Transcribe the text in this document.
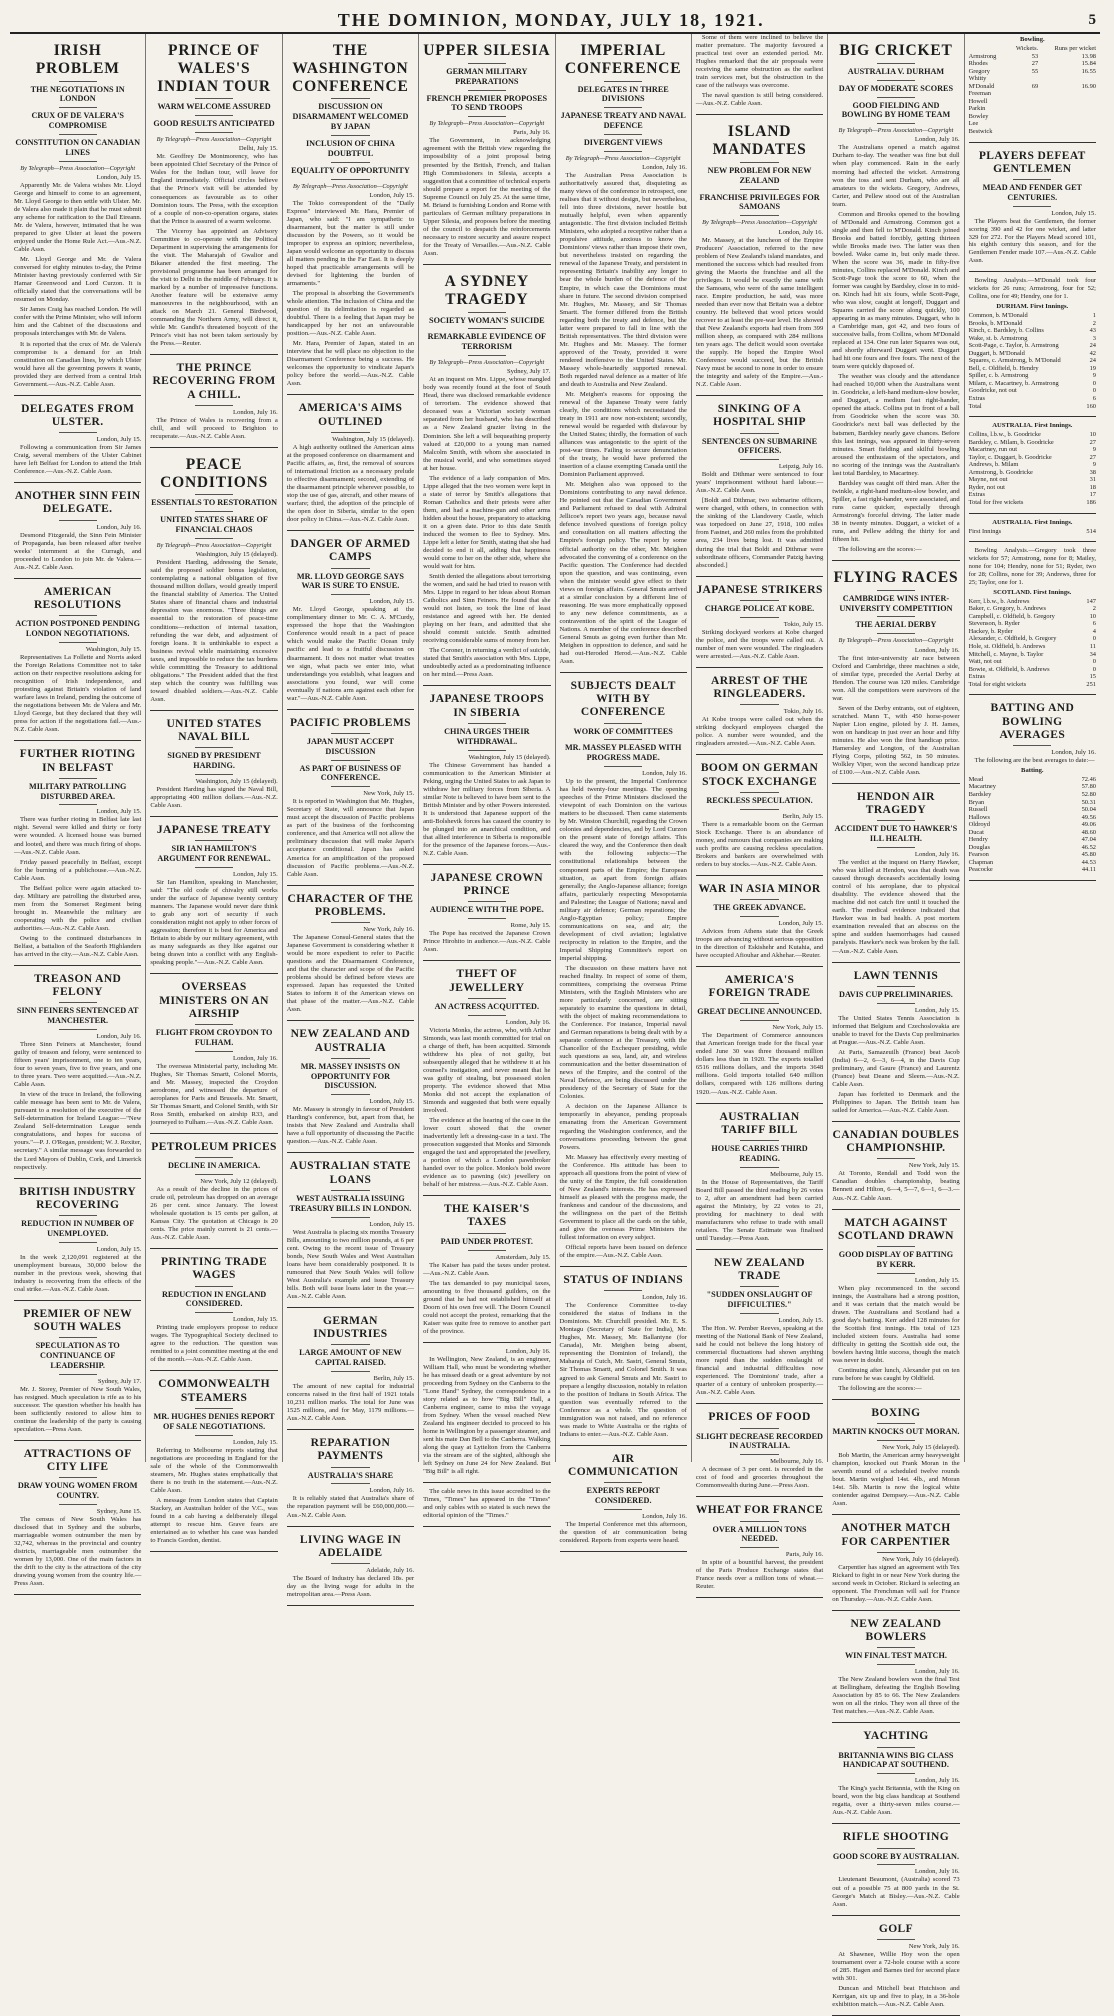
THE DOMINION, MONDAY, JULY 18, 1921.	5
IRISH PROBLEM
THE NEGOTIATIONS IN LONDON
CRUX OF DE VALERA'S COMPROMISE
CONSTITUTION ON CANADIAN LINES
By Telegraph—Press Association—Copyright
London, July 15.

Apparently Mr. de Valera wishes Mr. Lloyd George and himself to come to an agreement, Mr. Lloyd George to then settle with Ulster. Mr. de Valera also made it plain that he must submit any scheme for ratification to the Dail Eireann. Mr. de Valera, however, intimated that he was prepared to give Ulster at least the powers enjoyed under the Home Rule Act.—Aus.-N.Z. Cable Assn.

Mr. Lloyd George and Mr. de Valera conversed for eighty minutes to-day, the Prime Minister having previously conferred with Sir Hamar Greenwood and Lord Curzon. It is officially stated that the conversations will be resumed on Monday.

Sir James Craig has reached London. He will confer with the Prime Minister, who will inform him and the Cabinet of the discussions and proposals interchanges with Mr. de Valera.

It is reported that the crux of Mr. de Valera's compromise is a demand for an Irish constitution on Canadian lines, by which Ulster would have all the governing powers it wants, provided they are derived from a central Irish Government.—Aus.-N.Z. Cable Assn.

DELEGATES FROM ULSTER.
London, July 15.

Following a communication from Sir James Craig, several members of the Ulster Cabinet have left Belfast for London to attend the Irish Conference.—Aus.-N.Z. Cable Assn.

ANOTHER SINN FEIN DELEGATE.
London, July 16.

Desmond Fitzgerald, the Sinn Fein Minister of Propaganda, has been released after twelve weeks' internment at the Curragh, and proceeded to London to join Mr. de Valera.—Aus.-N.Z. Cable Assn.

AMERICAN RESOLUTIONS
ACTION POSTPONED PENDING LONDON NEGOTIATIONS.
Washington, July 15.

Representatives La Follette and Norris asked the Foreign Relations Committee not to take action on their respective resolutions asking for recognition of Irish independence, and protesting against Britain's violation of land warfare laws in Ireland, pending the outcome of the negotiations between Mr. de Valera and Mr. Lloyd George, but they declared that they will press for action if the negotiations fail.—Aus.-N.Z. Cable Assn.

FURTHER RIOTING IN BELFAST
MILITARY PATROLLING DISTURBED AREA.
London, July 15.

There was further rioting in Belfast late last night. Several were killed and thirty or forty were wounded. A licensed house was burned and looted, and there was much firing of shops.—Aus.-N.Z. Cable Assn.

Friday passed peacefully in Belfast, except for the burning of a publichouse.—Aus.-N.Z. Cable Assn.

The Belfast police were again attacked to-day. Military are patrolling the disturbed area, men from the Somerset Regiment being brought in. Meanwhile the military are cooperating with the police and civilian authorities.—Aus.-N.Z. Cable Assn.

Owing to the continued disturbances in Belfast, a battalion of the Seaforth Highlanders has arrived in the city.—Aus.-N.Z. Cable Assn.

TREASON AND FELONY
SINN FEINERS SENTENCED AT MANCHESTER.
London, July 16.

Three Sinn Feiners at Manchester, found guilty of treason and felony, were sentenced to fifteen years' imprisonment, one to ten years, four to seven years, five to five years, and one to three years. Two were acquitted.—Aus.-N.Z. Cable Assn.

In view of the truce in Ireland, the following cable message has been sent to Mr. de Valera, pursuant to a resolution of the executive of the Self-determination for Ireland League:—"New Zealand Self-determination League sends congratulations, and hopes for success of yours."—P. J. O'Regan, president; W. J. Rexiter, secretary." A similar message was forwarded to the Lord Mayors of Dublin, Cork, and Limerick respectively.

BRITISH INDUSTRY RECOVERING
REDUCTION IN NUMBER OF UNEMPLOYED.
London, July 15.

In the week 2,120,091 registered at the unemployment bureaus, 30,000 below the number in the previous week, showing that industry is recovering from the effects of the coal strike.—Aus.-N.Z. Cable Assn.

PREMIER OF NEW SOUTH WALES
SPECULATION AS TO CONTINUANCE OF LEADERSHIP.
Sydney, July 17.

Mr. J. Storey, Premier of New South Wales, has resigned. Much speculation is rife as to his successor. The question whether his health has been sufficiently restored to allow him to continue the leadership of the party is causing speculation.—Press Assn.

ATTRACTIONS OF CITY LIFE
DRAW YOUNG WOMEN FROM COUNTRY.
Sydney, June 15.

The census of New South Wales has disclosed that in Sydney and the suburbs, marriageable women outnumber the men by 32,742, whereas in the provincial and country districts, marriageable men outnumber the women by 13,000. One of the main factors in the drift to the city is the attractions of the city drawing young women from the country life.—Press Assn.

PRINCE OF WALES'S INDIAN TOUR
WARM WELCOME ASSURED
GOOD RESULTS ANTICIPATED
By Telegraph—Press Association—Copyright
Delhi, July 15.

Mr. Geoffrey De Montmorency, who has been appointed Chief Secretary of the Prince of Wales for the Indian tour, will leave for England immediately. Official circles believe that the Prince's visit will be attended by consequences as favourable as to other Dominion tours. The Press, with the exception of a couple of non-co-operation organs, states that the Prince is assured of a warm welcome.

The Viceroy has appointed an Advisory Committee to co-operate with the Political Department in supervising the arrangements for the visit. The Maharajah of Gwalior and Bikaner attended the first meeting. The provisional programme has been arranged for the visit to Delhi in the middle of February. It is marked by a number of impressive functions. Another feature will be extensive army manoeuvres in the neighbourhood, with an attack on March 21. General Birdwood, commanding the Northern Army, will direct it, while Mr. Gandhi's threatened boycott of the Prince's visit has not been taken seriously by the Press.—Reuter.

THE PRINCE RECOVERING FROM A CHILL.
London, July 16.

The Prince of Wales is recovering from a chill, and will proceed to Brighton to recuperate.—Aus.-N.Z. Cable Assn.

PEACE CONDITIONS
ESSENTIALS TO RESTORATION
UNITED STATES SHARE OF FINANCIAL CHAOS
By Telegraph—Press Association—Copyright
Washington, July 15 (delayed).

President Harding, addressing the Senate, said the proposed soldier bonus legislation, contemplating a national obligation of five thousand million dollars, would greatly imperil the financial stability of America. The United States share of financial chaos and industrial depression was enormous. "Three things are essential to the restoration of peace-time conditions—reduction of internal taxation, refunding the war debt, and adjustment of foreign loans. It is unthinkable to expect a business revival while maintaining excessive taxes, and impossible to reduce the tax burdens while committing the Treasury to additional obligations." The President added that the first step which the country was fulfilling was toward disabled soldiers.—Aus.-N.Z. Cable Assn.

UNITED STATES NAVAL BILL
SIGNED BY PRESIDENT HARDING.
Washington, July 15 (delayed).

President Harding has signed the Naval Bill, appropriating 400 million dollars.—Aus.-N.Z. Cable Assn.

JAPANESE TREATY
SIR IAN HAMILTON'S ARGUMENT FOR RENEWAL.
London, July 15.

Sir Ian Hamilton, speaking in Manchester, said: "The old code of chivalry still works under the surface of Japanese twenty century manners. The Japanese would never dare think to grab any sort of security if such consideration might not apply to other forces of aggression; therefore it is best for America and Britain to abide by our military agreement, with as many safeguards as they like against our being drawn into a conflict with any English-speaking people."—Aus.-N.Z. Cable Assn.

OVERSEAS MINISTERS ON AN AIRSHIP
FLIGHT FROM CROYDON TO FULHAM.
London, July 16.

The overseas Ministerial party, including Mr. Hughes, Sir Thomas Smartt, Colonel Morris, and Mr. Massey, inspected the Croydon aerodrome, and witnessed the departure of aeroplanes for Paris and Brussels. Mr. Smartt, Sir Thomas Smartt, and Colonel Smith, with Sir Ross Smith, embarked on airship R33, and journeyed to Fulham.—Aus.-N.Z. Cable Assn.

PETROLEUM PRICES
DECLINE IN AMERICA.
New York, July 12 (delayed).

As a result of the decline in the prices of crude oil, petroleum has dropped on an average 26 per cent. since January. The lowest wholesale quotation is 15 cents per gallon, at Kansas City. The quotation at Chicago is 20 cents. The price mainly current is 21 cents.—Aus.-N.Z. Cable Assn.

PRINTING TRADE WAGES
REDUCTION IN ENGLAND CONSIDERED.
London, July 15.

Printing trade employers propose to reduce wages. The Typographical Society declined to agree to the reduction. The question was remitted to a joint committee meeting at the end of the month.—Aus.-N.Z. Cable Assn.

COMMONWEALTH STEAMERS
MR. HUGHES DENIES REPORT OF SALE NEGOTIATIONS.
London, July 15.

Referring to Melbourne reports stating that negotiations are proceeding in England for the sale of the whole of the Commonwealth steamers, Mr. Hughes states emphatically that there is no truth in the statement.—Aus.-N.Z. Cable Assn.

A message from London states that Captain Stackey, an Australian holder of the V.C., was found in a cab having a deliberately illegal attempt to rescue him. Grave fears are entertained as to whether his case was handed to Francis Gordon, dentist.

THE WASHINGTON CONFERENCE
DISCUSSION ON DISARMAMENT WELCOMED BY JAPAN
INCLUSION OF CHINA DOUBTFUL
EQUALITY OF OPPORTUNITY
By Telegraph—Press Association—Copyright
London, July 15.

The Tokio correspondent of the "Daily Express" interviewed Mr. Hara, Premier of Japan, who said: "I am sympathetic to disarmament, but the matter is still under discussion by the Powers, so it would be improper to express an opinion; nevertheless, Japan would welcome an opportunity to discuss all matters pending in the Far East. It is deeply hoped that practicable arrangements will be devised for lightening the burden of armaments."

The proposal is absorbing the Government's whole attention. The inclusion of China and the question of its delimitation is regarded as doubtful. There is a feeling that Japan may be handicapped by her not an unfavourable position.—Aus.-N.Z. Cable Assn.

Mr. Hara, Premier of Japan, stated in an interview that he will place no objection to the Disarmament Conference being a success. He welcomes the opportunity to vindicate Japan's policy before the world.—Aus.-N.Z. Cable Assn.

AMERICA'S AIMS OUTLINED
Washington, July 15 (delayed).

A high authority outlined the American aims at the proposed conference on disarmament and Pacific affairs, as, first, the removal of sources of international friction as a necessary prelude to effective disarmament; second, extending of the disarmament principle wherever possible, to stop the use of gas, aircraft, and other means of warfare; third, the adoption of the principle of the open door in Siberia, similar to the open door policy in China.—Aus.-N.Z. Cable Assn.

DANGER OF ARMED CAMPS
MR. LLOYD GEORGE SAYS WAR IS SURE TO ENSUE.
London, July 15.

Mr. Lloyd George, speaking at the complimentary dinner to Mr. C. A. M'Curdy, expressed the hope that the Washington Conference would result in a pact of peace which would make the Pacific Ocean truly pacific and lead to a fruitful discussion on disarmament. It does not matter what treaties we sign, what pacts we enter into, what understandings you establish, what leagues and associations you found, war will come eventually if nations arm against each other for war."—Aus.-N.Z. Cable Assn.

PACIFIC PROBLEMS
JAPAN MUST ACCEPT DISCUSSION
AS PART OF BUSINESS OF CONFERENCE.
New York, July 15.

It is reported in Washington that Mr. Hughes, Secretary of State, will announce that Japan must accept the discussion of Pacific problems as part of the business of the forthcoming conference, and that America will not allow the preliminary discussion that will make Japan's acceptance conditional. Japan has asked America for an amplification of the proposed discussion of Pacific problems.—Aus.-N.Z. Cable Assn.

CHARACTER OF THE PROBLEMS.
New York, July 16.

The Japanese Consul-General states that the Japanese Government is considering whether it would be more expedient to refer to Pacific questions and the Disarmament Conference, and that the character and scope of the Pacific problems should be defined before views are expressed. Japan has requested the United States to inform it of the American views on that phase of the matter.—Aus.-N.Z. Cable Assn.

NEW ZEALAND AND AUSTRALIA
MR. MASSEY INSISTS ON OPPORTUNITY FOR DISCUSSION.
London, July 15.

Mr. Massey is strongly in favour of President Harding's conference, but, apart from that, he insists that New Zealand and Australia shall have a full opportunity of discussing the Pacific question.—Aus.-N.Z. Cable Assn.

AUSTRALIAN STATE LOANS
WEST AUSTRALIA ISSUING TREASURY BILLS IN LONDON.
London, July 15.

West Australia is placing six months Treasury Bills, amounting to two million pounds, at 6 per cent. Owing to the recent issue of Treasury bonds, New South Wales and West Australian loans have been considerably postponed. It is rumoured that New South Wales will follow West Australia's example and issue Treasury bills. Both will issue loans later in the year.—Aus.-N.Z. Cable Assn.

GERMAN INDUSTRIES
LARGE AMOUNT OF NEW CAPITAL RAISED.
Berlin, July 15.

The amount of new capital for industrial concerns raised in the first half of 1921 totals 10,231 million marks. The total for June was 1525 millions, and for May, 1179 millions.—Aus.-N.Z. Cable Assn.

REPARATION PAYMENTS
AUSTRALIA'S SHARE
London, July 16.

It is reliably stated that Australia's share of the reparation payment will be £60,000,000.—Aus.-N.Z. Cable Assn.

LIVING WAGE IN ADELAIDE
Adelaide, July 16.

The Board of Industry has declared 18s. per day as the living wage for adults in the metropolitan area.—Press Assn.

UPPER SILESIA
GERMAN MILITARY PREPARATIONS
FRENCH PREMIER PROPOSES TO SEND TROOPS
By Telegraph—Press Association—Copyright
Paris, July 16.

The Government, in acknowledging agreement with the British view regarding the impossibility of a joint proposal being presented by the British, French, and Italian High Commissioners in Silesia, accepts a suggestion that a committee of technical experts should prepare a report for the meeting of the Supreme Council on July 25. At the same time, M. Briand is furnishing London and Rome with particulars of German military preparations in Upper Silesia, and proposes before the meeting of the council to despatch the reinforcements necessary to restore security and assure respect for the Treaty of Versailles.—Aus.-N.Z. Cable Assn.

A SYDNEY TRAGEDY
SOCIETY WOMAN'S SUICIDE
REMARKABLE EVIDENCE OF TERRORISM
By Telegraph—Press Association—Copyright
Sydney, July 17.

At an inquest on Mrs. Lippe, whose mangled body was recently found at the foot of South Head, there was disclosed remarkable evidence of terrorism. The evidence showed that deceased was a Victorian society woman separated from her husband, who has described as a New Zealand grazier living in the Dominion. She left a will bequeathing property valued at £20,000 to a young man named Malcolm Smith, with whom she associated in the musical world, and who sometimes stayed at her house.

The evidence of a lady companion of Mrs. Lippe alleged that the two women were kept in a state of terror by Smith's allegations that Roman Catholics and their priests were after them, and had a machine-gun and other arms hidden about the house, preparatory to attacking it on a given date. Prior to this date Smith induced the women to flee to Sydney. Mrs. Lippe left a letter for Smith, stating that she had decided to end it all, adding that happiness would come to her on the other side, where she would wait for him.

Smith denied the allegations about terrorising the women, and said he had tried to reason with Mrs. Lippe in regard to her ideas about Roman Catholics and Sinn Feiners. He found that she would not listen, so took the line of least resistance and agreed with her. He denied playing on her fears, and admitted that she should commit suicide. Smith admitted receiving considerable sums of money from her.

The Coroner, in returning a verdict of suicide, stated that Smith's association with Mrs. Lippe, undoubtedly acted as a predominating influence on her mind.—Press Assn.

JAPANESE TROOPS IN SIBERIA
CHINA URGES THEIR WITHDRAWAL.
Washington, July 15 (delayed).

The Chinese Government has handed a communication to the American Minister at Peking, urging the United States to ask Japan to withdraw her military forces from Siberia. A similar Note is believed to have been sent to the British Minister and by other Powers interested. It is understood that Japanese support of the anti-Bolshevik forces has caused the country to be plunged into an anarchical condition, and that allied interference in Siberia is responsible for the presence of the Japanese forces.—Aus.-N.Z. Cable Assn.

JAPANESE CROWN PRINCE
AUDIENCE WITH THE POPE.
Rome, July 15.

The Pope has received the Japanese Crown Prince Hirohito in audience.—Aus.-N.Z. Cable Assn.

THEFT OF JEWELLERY
AN ACTRESS ACQUITTED.
London, July 16.

Victoria Monks, the actress, who, with Arthur Simonds, was last month committed for trial on a charge of theft, has been acquitted. Simonds withdrew his plea of not guilty, but subsequently alleged that he withdrew it at his counsel's instigation, and never meant that he was guilty of stealing, but possessed stolen property. The evidence showed that Miss Monks did not accept the explanation of Simonds and suggested that both were equally involved.

The evidence at the hearing of the case in the lower court showed that the owner inadvertently left a dressing-case in a taxi. The prosecution suggested that Monks and Simonds engaged the taxi and appropriated the jewellery, a portion of which a London pawnbroker handed over to the police. Monks's bold swore evidence as to pawning (sic) jewellery on behalf of her mistress.—Aus.-N.Z. Cable Assn.

THE KAISER'S TAXES
PAID UNDER PROTEST.
Amsterdam, July 15.

The Kaiser has paid the taxes under protest.—Aus.-N.Z. Cable Assn.

The tax demanded to pay municipal taxes, amounting to five thousand guilders, on the ground that he had not established himself at Doorn of his own free will. The Doorn Council could not accept the protest, remarking that the Kaiser was quite free to remove to another part of the province.

London, July 16.

In Wellington, New Zealand, is an engineer, William Hall, who must be wondering whether he has missed death or a great adventure by not proceeding from Sydney on the Canberra to the "Lone Hand" Sydney, the correspondence in a story related as to how "Big Bill" Hall, a Canberra engineer, came to miss the voyage from Sydney. When the vessel reached New Zealand his engineer decided to proceed to his home in Wellington by a passenger steamer, and sent his mate Dan Bell to the Canberra. Walking along the quay at Lyttelton from the Canberra via the stream are of the sighted, although she left Sydney on June 24 for New Zealand. But "Big Bill" is all right.

The cable news in this issue accredited to the Times, "Times" has appeared in the "Times" and only cables with so stated is such news the editorial opinion of the "Times."

IMPERIAL CONFERENCE
DELEGATES IN THREE DIVISIONS
JAPANESE TREATY AND NAVAL DEFENCE
DIVERGENT VIEWS
By Telegraph—Press Association—Copyright
London, July 16.

The Australian Press Association is authoritatively assured that, disquieting as many views of the conference in retrospect, one realises that it without design, but nevertheless, fell into three divisions, never hostile but mutually helpful, even when apparently antagonistic. The first division included British Ministers, who adopted a receptive rather than a propulsive attitude, anxious to know the Dominions' views rather than impose their own, but nevertheless insisted on regarding the renewal of the Japanese Treaty, and persistent in representing Britain's inability any longer to bear the whole burden of the defence of the Empire, in which case the Dominions must share in future. The second division comprised Mr. Hughes, Mr. Massey, and Sir Thomas Smartt. The former differed from the British regarding both the treaty and defence, but the latter were prepared to fall in line with the British representatives. The third division were Mr. Hughes and Mr. Massey. The former approved of the Treaty, provided it were rendered inoffensive to the United States. Mr. Massey whole-heartedly supported renewal. Both regarded naval defence as a matter of life and death to Australia and New Zealand.

Mr. Meighen's reasons for opposing the renewal of the Japanese Treaty were fairly clearly, the conditions which necessitated the treaty in 1911 are now non-existent; secondly, renewal would be regarded with disfavour by the United States; thirdly, the formation of such alliances was antagonistic to the spirit of the post-war times. Failing to secure denunciation of the treaty, he would have preferred the insertion of a clause exempting Canada until the Dominion Parliament approved.

Mr. Meighen also was opposed to the Dominions contributing to any naval defence. He pointed out that the Canadian Government and Parliament refused to deal with Admiral Jellicoe's report two years ago, because naval defence involved questions of foreign policy and consultation on all matters affecting the Empire's foreign policy. The report by some official authority on the other, Mr. Meighen advocated the convening of a conference on the Pacific question. The Conference had decided upon the question, and was continuing, even when the minister would give effect to their views on foreign affairs. General Smuts arrived at a similar conclusion by a different line of reasoning. He was more emphatically opposed to any new defence commitments, as a contravention of the spirit of the League of Nations. A member of the conference described General Smuts as going even further than Mr. Meighen in opposition to defence, and said he had out-Heroded Herod.—Aus.-N.Z. Cable Assn.

SUBJECTS DEALT WITH BY CONFERENCE
WORK OF COMMITTEES
MR. MASSEY PLEASED WITH PROGRESS MADE.
London, July 16.

Up to the present, the Imperial Conference has held twenty-four meetings. The opening speeches of the Prime Ministers disclosed the viewpoint of each Dominion on the various matters to be discussed. Then came statements by Mr. Winston Churchill, regarding the Crown colonies and dependencies, and by Lord Curzon on the present state of foreign affairs. This cleared the way, and the Conference then dealt with the following subjects:—The constitutional relationships between the component parts of the Empire; the European situation, as apart from foreign affairs generally; the Anglo-Japanese alliance; foreign affairs, particularly respecting Mesopotamia and Palestine; the League of Nations; naval and military air defence; German reparations; the Anglo-Egyptian policy; Empire communications on sea, and air; the development of civil aviation; legislative reciprocity in relation to the Empire, and the Imperial Shipping Committee's report on imperial shipping.

The discussion on these matters have not reached finality. In respect of some of them, committees, comprising the overseas Prime Ministers, with the English Ministers who are more particularly concerned, are sitting separately to examine the questions in detail, with the object of making recommendations to the Conference. For instance, Imperial naval and German reparations is being dealt with by a separate conference at the Treasury, with the Chancellor of the Exchequer presiding, while such questions as sea, land, air, and wireless communication and the better dissemination of news of the Empire, and the control of the Naval Defence, are being discussed under the presidency of the Secretary of State for the Colonies.

A decision on the Japanese Alliance is temporarily in abeyance, pending proposals emanating from the American Government regarding the Washington conference, and the conversations proceeding between the great Powers.

Mr. Massey has effectively every meeting of the Conference. His attitude has been to approach all questions from the point of view of the unity of the Empire, the full consideration of New Zealand's interests. He has expressed himself as pleased with the progress made, the frankness and candour of the discussions, and the willingness on the part of the British Government to place all the cards on the table, and give the overseas Prime Ministers the fullest information on every subject.

Official reports have been issued on defence of the empire.—Aus.-N.Z. Cable Assn.

STATUS OF INDIANS
London, July 16.

The Conference Committee to-day considered the status of Indians in the Dominions. Mr. Churchill presided. Mr. E. S. Montagu (Secretary of State for India), Mr. Hughes, Mr. Massey, Mr. Ballantyne (for Canada), Mr. Meighen being absent, representing the Dominion of Ireland), the Maharaja of Cutch, Mr. Sastri, General Smuts, Sir Thomas Smartt, and Colonel Smith. It was agreed to ask General Smuts and Mr. Sastri to prepare a lengthy discussion, notably in relation to the position of Indians in South Africa. The question was eventually referred to the Conference as a whole. The question of immigration was not raised, and no reference was made to White Australia or the rights of Indians to enter.—Aus.-N.Z. Cable Assn.

AIR COMMUNICATION
EXPERTS REPORT CONSIDERED.
London, July 16.

The Imperial Conference met this afternoon, the question of air communication being considered. Reports from experts were heard.

Some of them were inclined to believe the matter premature. The majority favoured a practical test over an extended period. Mr. Hughes remarked that the air proposals were receiving the same obstruction as the earliest train services met, but the obstruction in the case of the railways was overcome.

The naval question is still being considered.—Aus.-N.Z. Cable Assn.

ISLAND MANDATES
NEW PROBLEM FOR NEW ZEALAND
FRANCHISE PRIVILEGES FOR SAMOANS
By Telegraph—Press Association—Copyright
London, July 16.

Mr. Massey, at the luncheon of the Empire Producers' Association, referred to the new problem of New Zealand's island mandates, and mentioned the success which had resulted from giving the Maoris the franchise and all the privileges. It would be exactly the same with the Samoans, who were of the same intelligent race. Empire production, he said, was more needed than ever now that Britain was a debtor country. He believed that wool prices would recover to at least the pre-war level. He showed that New Zealand's exports had risen from 399 million sheep, as compared with 284 millions ten years ago. The deficit would soon overtake the supply. He hoped the Empire Wool Conference would succeed, but the British Navy must be second to none in order to ensure the integrity and safety of the Empire.—Aus.-N.Z. Cable Assn.

SINKING OF A HOSPITAL SHIP
SENTENCES ON SUBMARINE OFFICERS.
Leipzig, July 16.

Boldt and Dithmar were sentenced to four years' imprisonment without hard labour.—Aus.-N.Z. Cable Assn.

[Boldt and Dithmar, two submarine officers, were charged, with others, in connection with the sinking of the Llandovery Castle, which was torpedoed on June 27, 1918, 100 miles from Fastnet, and 260 miles from the prohibited area, 234 lives being lost. It was admitted during the trial that Boldt and Dithmar were subordinate officers, Commander Patzig having absconded.]

JAPANESE STRIKERS
CHARGE POLICE AT KOBE.
Tokio, July 15.

Striking dockyard workers at Kobe charged the police, and the troops were called out. A number of men were wounded. The ringleaders were arrested.—Aus.-N.Z. Cable Assn.

ARREST OF THE RINGLEADERS.
Tokio, July 16.

At Kobe troops were called out when the striking dockyard employees charged the police. A number were wounded, and the ringleaders arrested.—Aus.-N.Z. Cable Assn.

BOOM ON GERMAN STOCK EXCHANGE
RECKLESS SPECULATION.
Berlin, July 15.

There is a remarkable boom on the German Stock Exchange. There is an abundance of money, and rumours that companies are making such profits are causing reckless speculation. Brokers and bankers are overwhelmed with orders to buy stocks.—Aus.-N.Z. Cable Assn.

WAR IN ASIA MINOR
THE GREEK ADVANCE.
London, July 15.

Advices from Athens state that the Greek troops are advancing without serious opposition in the direction of Eskishehr and Kutahia, and have occupied Afiouhar and Akhehar.—Reuter.

AMERICA'S FOREIGN TRADE
GREAT DECLINE ANNOUNCED.
New York, July 15.

The Department of Commerce announces that American foreign trade for the fiscal year ended June 30 was three thousand million dollars less than in 1920. The exports totalled 6516 millions dollars, and the imports 3648 millions. Gold imports totalled 640 million dollars, compared with 126 millions during 1920.—Aus.-N.Z. Cable Assn.

AUSTRALIAN TARIFF BILL
HOUSE CARRIES THIRD READING.
Melbourne, July 15.

In the House of Representatives, the Tariff Board Bill passed the third reading by 26 votes to 2, after an amendment had been carried against the Ministry, by 22 votes to 21, providing for machinery to deal with manufacturers who refuse to trade with small retailers. The Senate Estimate was finalised until Tuesday.—Press Assn.

NEW ZEALAND TRADE
"SUDDEN ONSLAUGHT OF DIFFICULTIES."
London, July 15.

The Hon. W. Pember Reeves, speaking at the meeting of the National Bank of New Zealand, said he could not believe the long history of commercial fluctuations had shown anything more rapid than the sudden onslaught of financial and industrial difficulties now experienced. The Dominions' trade, after a quarter of a century of unbroken prosperity.—Aus.-N.Z. Cable Assn.

PRICES OF FOOD
SLIGHT DECREASE RECORDED IN AUSTRALIA.
Melbourne, July 16.

A decrease of 3 per cent. is recorded in the cost of food and groceries throughout the Commonwealth during June.—Press Assn.

WHEAT FOR FRANCE
OVER A MILLION TONS NEEDED.
Paris, July 16.

In spite of a bountiful harvest, the president of the Paris Produce Exchange states that France needs over a million tons of wheat.—Reuter.

BIG CRICKET
AUSTRALIA V. DURHAM
DAY OF MODERATE SCORES
GOOD FIELDING AND BOWLING BY HOME TEAM
By Telegraph—Press Association—Copyright
London, July 16.

The Australians opened a match against Durham to-day. The weather was fine but dull when play commenced. Rain in the early morning had affected the wicket. Armstrong won the toss and sent Durham, who are all amateurs to the wickets. Gregory, Andrews, Carter, and Pellew stood out of the Australian team.

Common and Brooks opened to the bowling of M'Donald and Armstrong. Common got a single and then fell to M'Donald. Kinch joined Brooks and batted forcibly, getting thirteen while Brooks made two. The latter was then bowled. Wake came in, but only made three. When the score was 36, made in fifty-five minutes, Collins replaced M'Donald. Kinch and Scott-Page took the score to 60, when the former was caught by Bardsley, close in to mid-on. Kinch had hit six fours, while Scott-Page, who was slow, caught at longoff, Duggart and Squares carried the score along quickly, 100 appearing in as many minutes. Duggart, who is a Cambridge man, got 42, and two fours of successive balls, from Collins, whom M'Donald replaced at 134. One run later Squares was out, and shortly afterward Duggart went. Duggart had hit one fours and five fours. The next of the team were quickly disposed of.

The weather was cloudy and the attendance had reached 10,000 when the Australians went in. Goodricke, a left-hand medium-slow bowler, and Duggart, a medium fast right-hander, opened the attack. Collins put in front of a ball from Goodricke when the score was 30. Goodricke's next ball was deflected by the batsmen, Bardsley nearly gave chances. Before this last innings, was appeared in thirty-seven minutes. Smart fielding and skilful bowling aroused the enthusiasm of the spectators, and no scoring of the innings was the Australian's last total Bardsley, to Macartney.

Bardsley was caught off third man. After the twinkle, a right-hand medium-slow bowler, and Spiller, a fast right-hander, were associated, and runs came quicker, especially through Armstrong's forceful driving. The latter made 38 in twenty minutes. Duggart, a wicket of a runs, and Pellew adding the thirty for and fifteen hit.

The following are the scores:—

FLYING RACES
CAMBRIDGE WINS INTER-UNIVERSITY COMPETITION
THE AERIAL DERBY
By Telegraph—Press Association—Copyright
London, July 16.

The first inter-university air race between Oxford and Cambridge, three machines a side, of similar type, preceded the Aerial Derby at Hendon. The course was 120 miles. Cambridge won. All the competitors were survivors of the war.

Seven of the Derby entrants, out of eighteen, scratched. Mann T., with 450 horse-power Napier Lion engine, piloted by J. H. James, won on handicap in just over an hour and fifty minutes. He also won the first handicap prize. Hamersley and Longton, of the Australian Flying Corps, piloting 562, in 50 minutes. Wolkley Viper, won the second handicap prize of £100.—Aus.-N.Z. Cable Assn.

HENDON AIR TRAGEDY
ACCIDENT DUE TO HAWKER'S ILL HEALTH.
London, July 16.

The verdict at the inquest on Harry Hawker, who was killed at Hendon, was that death was caused through deceased's accidentally losing control of his aeroplane, due to physical disability. The evidence showed that the machine did not catch fire until it touched the earth. The medical evidence indicated that Hawker was in bad health. A post mortem examination revealed that an abscess on the spine and sudden haemorrhages had caused paralysis. Hawker's neck was broken by the fall.—Aus.-N.Z. Cable Assn.

LAWN TENNIS
DAVIS CUP PRELIMINARIES.
London, July 15.

The United States Tennis Association is informed that Belgium and Czechoslovakia are unable to travel for the Davis Cup preliminaries at Prague.—Aus.-N.Z. Cable Assn.

At Paris, Samazeuilh (France) beat Jacob (India) 6—2, 6—3, 6—4, in the Davis Cup preliminary, and Gaure (France) and Laurentz (France) beat Deane and Sleem.—Aus.-N.Z. Cable Assn.

Japan has forfeited to Denmark and the Philippines to Japan. The British team has sailed for America.—Aus.-N.Z. Cable Assn.

CANADIAN DOUBLES CHAMPIONSHIP.
New York, July 15.

At Toronto, Rendall and Todd won the Canadian doubles championship, beating Bennett and Hilton, 6—4, 5—7, 6—1, 6—3.—Aus.-N.Z. Cable Assn.

MATCH AGAINST SCOTLAND DRAWN
GOOD DISPLAY OF BATTING BY KERR.
London, July 15.

When play recommenced in the second innings, the Australians had a strong position, and it was certain that the match would be drawn. The Australians and Scotland had a good day's batting. Kerr added 128 minutes for the Scottish first innings. His total of 123 included sixteen fours. Australia had some difficulty in getting the Scottish side out, the bowlers having little success, though the match was never in doubt.

Continuing after lunch, Alexander put on ten runs before he was caught by Oldfield.

The following are the scores:—

BOXING
MARTIN KNOCKS OUT MORAN.
New York, July 15 (delayed).

Bob Martin, the American army heavyweight champion, knocked out Frank Moran in the seventh round of a scheduled twelve rounds bout. Martin weighed 14st. 4lb., and Moran 14st. 5lb. Martin is now the logical white contender against Dempsey.—Aus.-N.Z. Cable Assn.

ANOTHER MATCH FOR CARPENTIER
New York, July 16 (delayed).

Carpentier has signed an agreement with Tex Rickard to fight in or near New York during the second week in October. Rickard is selecting an opponent. The Frenchman will sail for France on Thursday.—Aus.-N.Z. Cable Assn.

NEW ZEALAND BOWLERS
WIN FINAL TEST MATCH.
London, July 16.

The New Zealand bowlers won the final Test at Bellingham, defeating the English Bowling Association by 85 to 66. The New Zealanders won on all the rinks. They won all three of the Test matches.—Aus.-N.Z. Cable Assn.

YACHTING
BRITANNIA WINS BIG CLASS HANDICAP AT SOUTHEND.
London, July 16.

The King's yacht Britannia, with the King on board, won the big class handicap at Southend regatta, over a thirty-seven miles course.—Aus.-N.Z. Cable Assn.

RIFLE SHOOTING
GOOD SCORE BY AUSTRALIAN.
London, July 16.

Lieutenant Beaumont, (Australia) scored 73 out of a possible 75 at 800 yards in the St. George's Match at Bisley.—Aus.-N.Z. Cable Assn.

GOLF
New York, July 16.

At Shawnee, Willie Hoy won the open tournament over a 72-hole course with a score of 285. Hagen and Barnes tied for second place with 301.

Duncan and Mitchell beat Hutchison and Kerrigan, six up and five to play, in a 36-hole exhibition match.—Aus.-N.Z. Cable Assn.

Bowling.
	Wickets.	Runs per wicket
Armstrong	53	13.98
Rhodes	27	15.84
Gregory	55	16.55
Whitty		
M'Donald	69	16.90
Freeman		
Howell		
Parkin		
Bowley		
Lee		
Bestwick		
PLAYERS DEFEAT GENTLEMEN
MEAD AND FENDER GET CENTURIES.
London, July 15.

The Players beat the Gentlemen, the former scoring 390 and 42 for one wicket, and latter 329 for 272. For the Players Mead scored 101, his eighth century this season, and for the Gentlemen Fender made 107.—Aus.-N.Z. Cable Assn.

Bowling Analysis.—M'Donald took four wickets for 26 runs; Armstrong, four for 52; Collins, one for 49; Hendry, one for 1.

DURHAM. First Innings.
Common, b. M'Donald		1
Brooks, b. M'Donald		2
Kinch, c. Bardsley, b. Collins		43
Wake, st. b. Armstrong		3
Scott-Page, c. Taylor, b. Armstrong		24
Duggart, b. M'Donald		42
Squares, c. Armstrong, b. M'Donald		24
Bell, c. Oldfield, b. Hendry		19
Spiller, c. b. Armstrong		9
Milam, c. Macartney, b. Armstrong		0
Goodricke, not out		0
Extras		6
Total		160
AUSTRALIA. First Innings.
Collins, l.b.w., b. Goodricke		10
Bardsley, c. Milam, b. Goodricke		27
Macartney, run out		9
Taylor, c. Duggart, b. Goodricke		27
Andrews, b. Milam		9
Armstrong, b. Goodricke		38
Mayne, not out		31
Ryder, not out		18
Extras		17
Total for five wickets		186
AUSTRALIA. First Innings.
First Innings		514

Bowling Analysis.—Gregory took three wickets for 57; Armstrong, none for 8; Mailey, none for 104; Hendry, none for 51; Ryder, two for 28; Collins, none for 39; Andrews, three for 25; Taylor, one for 1.

SCOTLAND. First Innings.
Kerr, l.b.w., b. Andrews		147
Baker, c. Gregory, b. Andrews		2
Campbell, c. Oldfield, b. Gregory		10
Stevenson, b. Ryder		6
Hackey, b. Ryder		4
Alexander, c. Oldfield, b. Gregory		0
Hole, st. Oldfield, b. Andrews		11
Mitchell, c. Mayne, b. Taylor		34
Watt, not out		0
Bowie, st. Oldfield, b. Andrews		0
Extras		15
Total for eight wickets		251
BATTING AND BOWLING AVERAGES
London, July 16.

The following are the best averages to date:—

Batting.
Mead		72.46
Macartney		57.80
Bardsley		52.80
Bryan		50.31
Russell		50.04
Hallows		49.56
Oldroyd		49.06
Ducat		48.60
Hendry		47.04
Douglas		46.52
Fearson		45.80
Chapman		44.53
Peacocke		44.11
